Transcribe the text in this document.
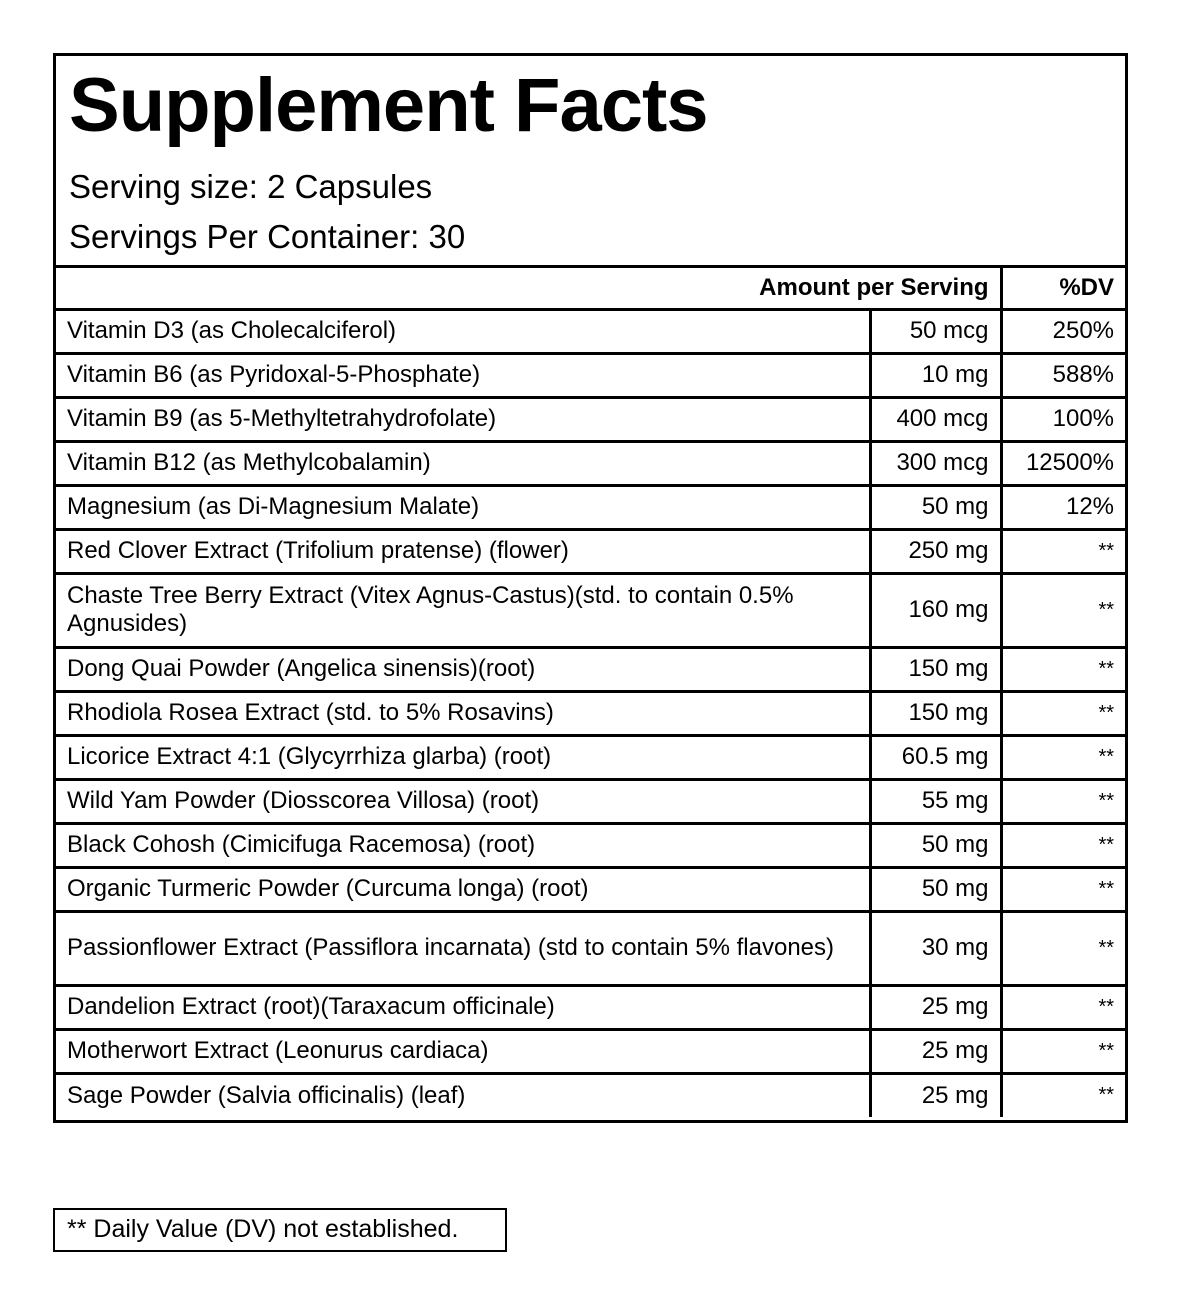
Supplement Facts
Serving size: 2 Capsules
Servings Per Container: 30
Amount per Serving		%DV
Vitamin D3 (as Cholecalciferol)	50 mcg	250%
Vitamin B6 (as Pyridoxal-5-Phosphate)	10 mg	588%
Vitamin B9 (as 5-Methyltetrahydrofolate)	400 mcg	100%
Vitamin B12 (as Methylcobalamin)	300 mcg	12500%
Magnesium (as Di-Magnesium Malate)	50 mg	12%
Red Clover Extract (Trifolium pratense) (flower)	250 mg	**
Chaste Tree Berry Extract (Vitex Agnus-Castus)(std. to contain 0.5% Agnusides)	160 mg	**
Dong Quai Powder (Angelica sinensis)(root)	150 mg	**
Rhodiola Rosea Extract (std. to 5% Rosavins)	150 mg	**
Licorice Extract 4:1 (Glycyrrhiza glarba) (root)	60.5 mg	**
Wild Yam Powder (Diosscorea Villosa) (root)	55 mg	**
Black Cohosh (Cimicifuga Racemosa) (root)	50 mg	**
Organic Turmeric Powder (Curcuma longa) (root)	50 mg	**
Passionflower Extract (Passiflora incarnata) (std to contain 5% flavones)	30 mg	**
Dandelion Extract (root)(Taraxacum officinale)	25 mg	**
Motherwort Extract (Leonurus cardiaca)	25 mg	**
Sage Powder (Salvia officinalis) (leaf)	25 mg	**
** Daily Value (DV) not established.
